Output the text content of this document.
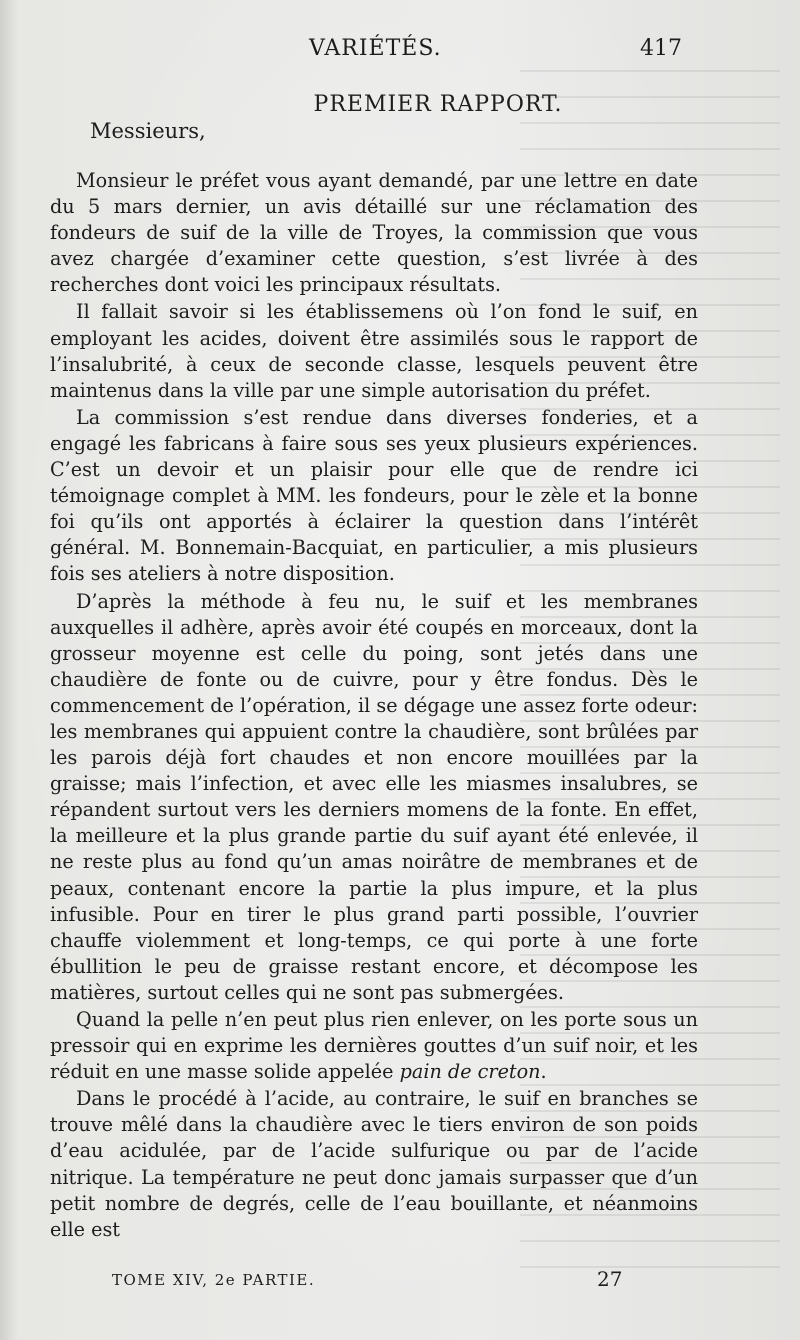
VARIÉTÉS.	417
PREMIER RAPPORT.
Messieurs,

Monsieur le préfet vous ayant demandé, par une lettre en date du 5 mars dernier, un avis détaillé sur une réclamation des fondeurs de suif de la ville de Troyes, la commission que vous avez chargée d’examiner cette question, s’est livrée à des recherches dont voici les principaux résultats.

Il fallait savoir si les établissemens où l’on fond le suif, en employant les acides, doivent être assimilés sous le rapport de l’insalubrité, à ceux de seconde classe, lesquels peuvent être maintenus dans la ville par une simple autorisation du préfet.

La commission s’est rendue dans diverses fonderies, et a engagé les fabricans à faire sous ses yeux plusieurs expériences. C’est un devoir et un plaisir pour elle que de rendre ici témoignage complet à MM. les fondeurs, pour le zèle et la bonne foi qu’ils ont apportés à éclairer la question dans l’intérêt général. M. Bonnemain-Bacquiat, en particulier, a mis plusieurs fois ses ateliers à notre disposition.

D’après la méthode à feu nu, le suif et les membranes auxquelles il adhère, après avoir été coupés en morceaux, dont la grosseur moyenne est celle du poing, sont jetés dans une chaudière de fonte ou de cuivre, pour y être fondus. Dès le commencement de l’opération, il se dégage une assez forte odeur: les membranes qui appuient contre la chaudière, sont brûlées par les parois déjà fort chaudes et non encore mouillées par la graisse; mais l’infection, et avec elle les miasmes insalubres, se répandent surtout vers les derniers momens de la fonte. En effet, la meilleure et la plus grande partie du suif ayant été enlevée, il ne reste plus au fond qu’un amas noirâtre de membranes et de peaux, contenant encore la partie la plus impure, et la plus infusible. Pour en tirer le plus grand parti possible, l’ouvrier chauffe violemment et long-temps, ce qui porte à une forte ébullition le peu de graisse restant encore, et décompose les matières, surtout celles qui ne sont pas submergées.

Quand la pelle n’en peut plus rien enlever, on les porte sous un pressoir qui en exprime les dernières gouttes d’un suif noir, et les réduit en une masse solide appelée pain de creton.

Dans le procédé à l’acide, au contraire, le suif en branches se trouve mêlé dans la chaudière avec le tiers environ de son poids d’eau acidulée, par de l’acide sulfurique ou par de l’acide nitrique. La température ne peut donc jamais surpasser que d’un petit nombre de degrés, celle de l’eau bouillante, et néanmoins elle est

TOME XIV, 2e PARTIE.	27
